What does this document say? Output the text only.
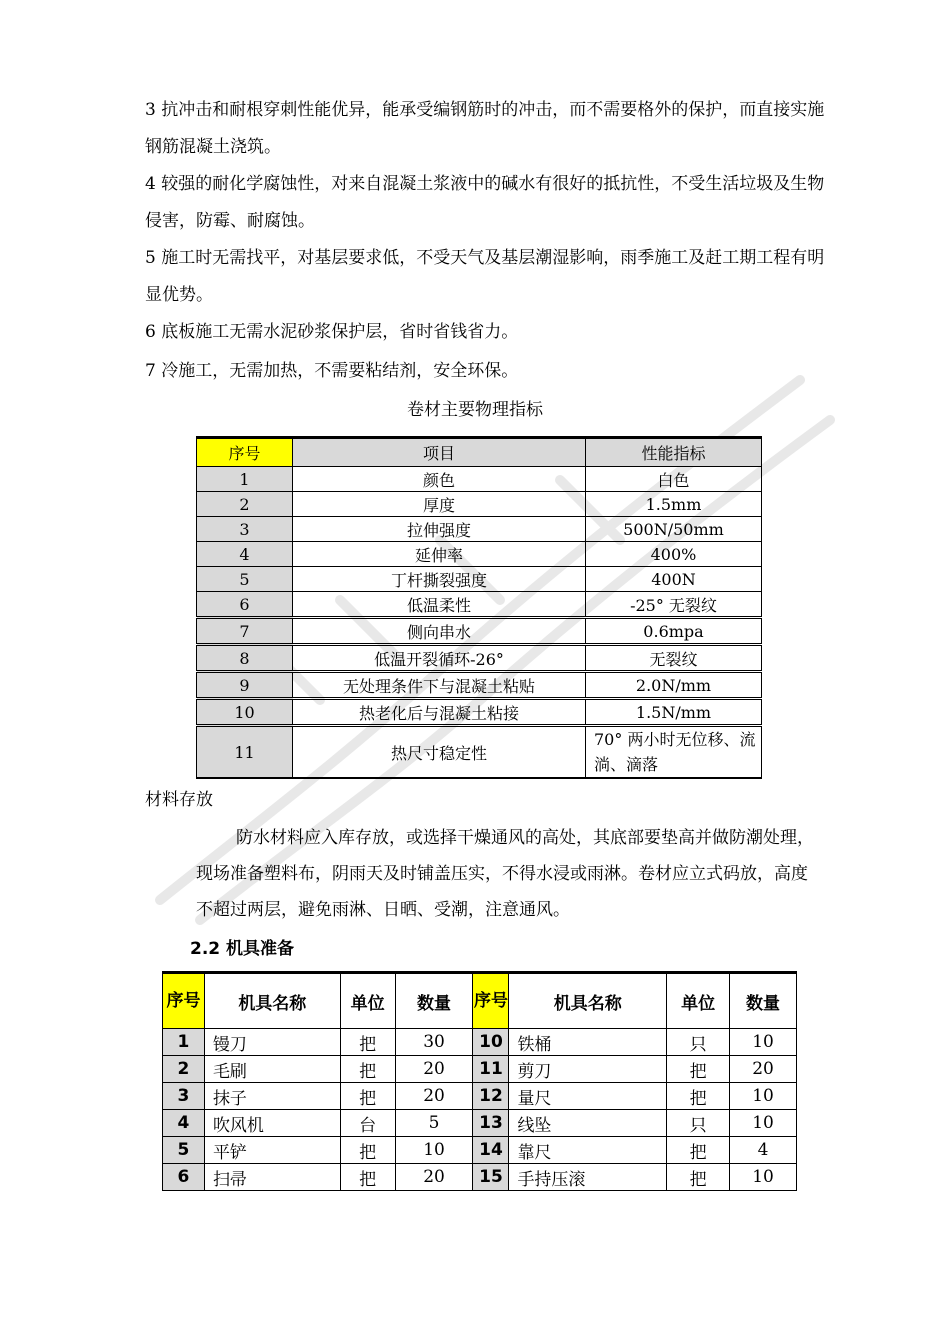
3 抗冲击和耐根穿刺性能优异，能承受编钢筋时的冲击，而不需要格外的保护，而直接实施钢筋混凝土浇筑。
4 较强的耐化学腐蚀性，对来自混凝土浆液中的碱水有很好的抵抗性，不受生活垃圾及生物侵害，防霉、耐腐蚀。
5 施工时无需找平，对基层要求低，不受天气及基层潮湿影响，雨季施工及赶工期工程有明显优势。
6 底板施工无需水泥砂浆保护层，省时省钱省力。
7 冷施工，无需加热，不需要粘结剂，安全环保。
卷材主要物理指标
序号	项目	性能指标
1	颜色	白色
2	厚度	1.5mm
3	拉伸强度	500N/50mm
4	延伸率	400%
5	丁杆撕裂强度	400N
6	低温柔性	-25° 无裂纹
7	侧向串水	0.6mpa
8	低温开裂循环-26°	无裂纹
9	无处理条件下与混凝土粘贴	2.0N/mm
10	热老化后与混凝土粘接	1.5N/mm
11	热尺寸稳定性	70° 两小时无位移、流淌、滴落
材料存放
防水材料应入库存放，或选择干燥通风的高处，其底部要垫高并做防潮处理，现场准备塑料布，阴雨天及时铺盖压实，不得水浸或雨淋。卷材应立式码放，高度不超过两层，避免雨淋、日晒、受潮，注意通风。
2.2 机具准备
序号	机具名称	单位	数量	序号	机具名称	单位	数量
1	镘刀	把	30	10	铁桶	只	10
2	毛刷	把	20	11	剪刀	把	20
3	抹子	把	20	12	量尺	把	10
4	吹风机	台	5	13	线坠	只	10
5	平铲	把	10	14	靠尺	把	4
6	扫帚	把	20	15	手持压滚	把	10
